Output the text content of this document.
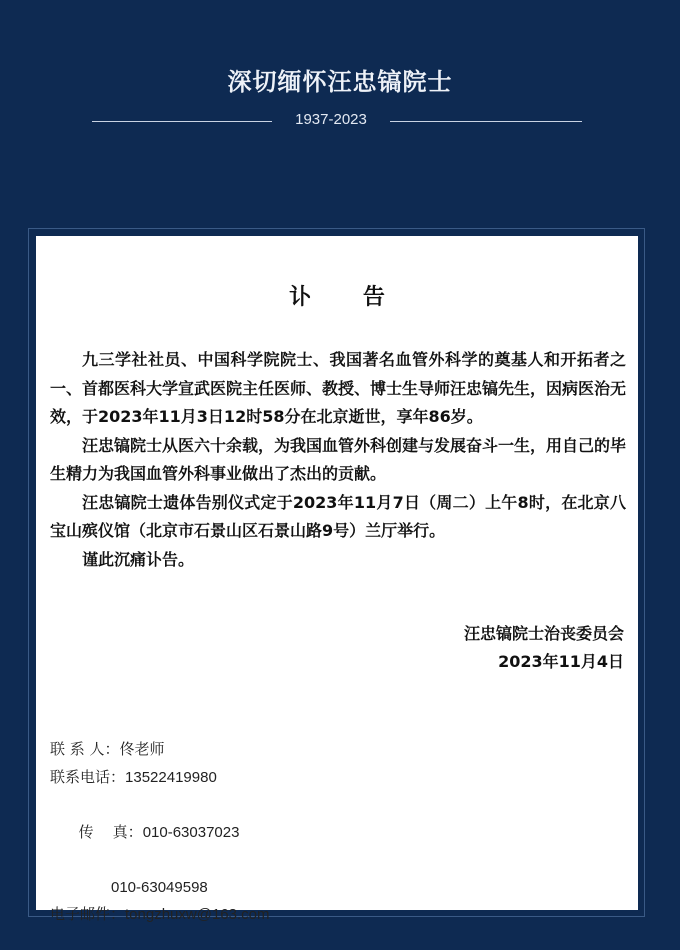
深切缅怀汪忠镐院士
1937-2023
讣 告

九三学社社员、中国科学院院士、我国著名血管外科学的奠基人和开拓者之一、首都医科大学宣武医院主任医师、教授、博士生导师汪忠镐先生，因病医治无效，于2023年11月3日12时58分在北京逝世，享年86岁。

汪忠镐院士从医六十余载，为我国血管外科创建与发展奋斗一生，用自己的毕生精力为我国血管外科事业做出了杰出的贡献。

汪忠镐院士遗体告别仪式定于2023年11月7日（周二）上午8时，在北京八宝山殡仪馆（北京市石景山区石景山路9号）兰厅举行。

谨此沉痛讣告。

汪忠镐院士治丧委员会
2023年11月4日
联 系 人：佟老师
联系电话：13522419980

传    真：010-63037023

010-63049598
电子邮件：tongzhuxw@163.com
